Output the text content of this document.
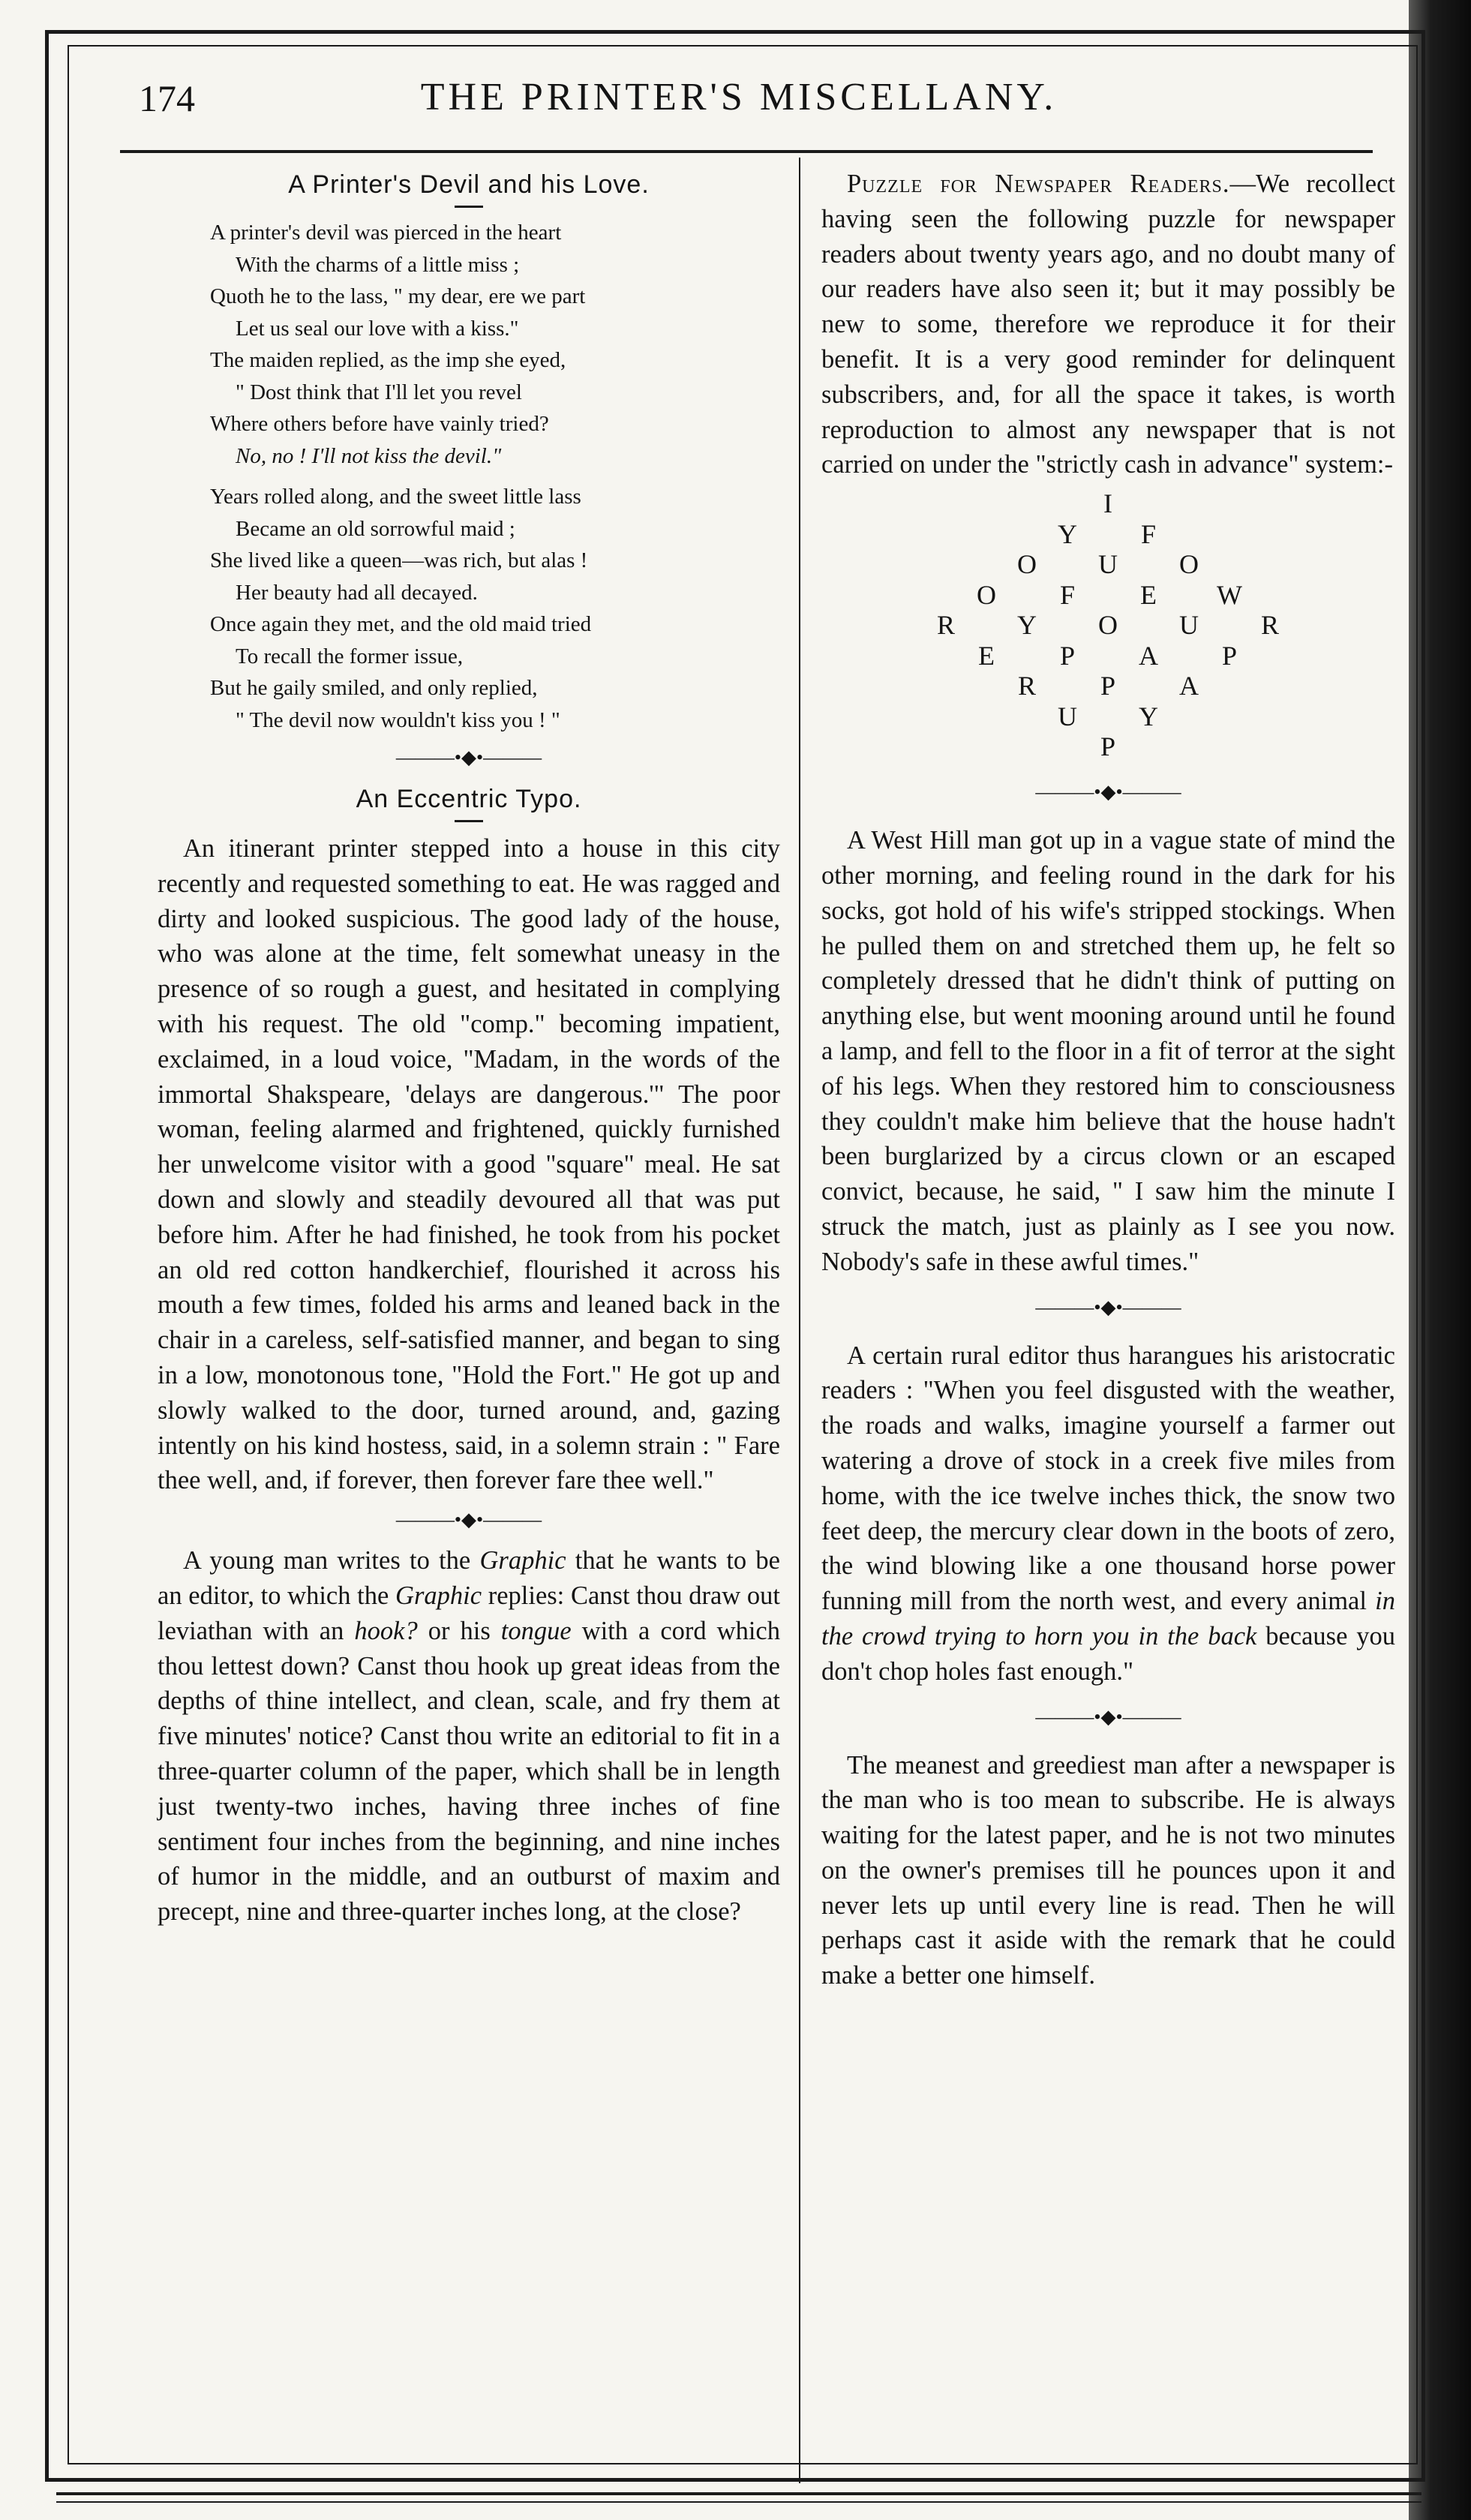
174	THE PRINTER'S MISCELLANY.
A Printer's Devil and his Love.
A printer's devil was pierced in the heart
With the charms of a little miss ;
Quoth he to the lass, " my dear, ere we part
Let us seal our love with a kiss."
The maiden replied, as the imp she eyed,
" Dost think that I'll let you revel
Where others before have vainly tried?
No, no ! I'll not kiss the devil."
Years rolled along, and the sweet little lass
Became an old sorrowful maid ;
She lived like a queen—was rich, but alas !
Her beauty had all decayed.
Once again they met, and the old maid tried
To recall the former issue,
But he gaily smiled, and only replied,
" The devil now wouldn't kiss you ! "
———•◆•———
An Eccentric Typo.

An itinerant printer stepped into a house in this city recently and requested something to eat. He was ragged and dirty and looked suspicious. The good lady of the house, who was alone at the time, felt somewhat uneasy in the presence of so rough a guest, and hesitated in complying with his request. The old "comp." becoming impatient, exclaimed, in a loud voice, "Madam, in the words of the immortal Shakspeare, 'delays are dangerous.'" The poor woman, feeling alarmed and frightened, quickly furnished her unwelcome visitor with a good "square" meal. He sat down and slowly and steadily devoured all that was put before him. After he had finished, he took from his pocket an old red cotton handkerchief, flourished it across his mouth a few times, folded his arms and leaned back in the chair in a careless, self-satisfied manner, and began to sing in a low, monotonous tone, "Hold the Fort." He got up and slowly walked to the door, turned around, and, gazing intently on his kind hostess, said, in a solemn strain : " Fare thee well, and, if forever, then forever fare thee well."

———•◆•———

A young man writes to the Graphic that he wants to be an editor, to which the Graphic replies: Canst thou draw out leviathan with an hook? or his tongue with a cord which thou lettest down? Canst thou hook up great ideas from the depths of thine intellect, and clean, scale, and fry them at five minutes' notice? Canst thou write an editorial to fit in a three-quarter column of the paper, which shall be in length just twenty-two inches, having three inches of fine sentiment four inches from the beginning, and nine inches of humor in the middle, and an outburst of maxim and precept, nine and three-quarter inches long, at the close?

Puzzle for Newspaper Readers.—We recollect having seen the following puzzle for newspaper readers about twenty years ago, and no doubt many of our readers have also seen it; but it may possibly be new to some, therefore we reproduce it for their benefit. It is a very good reminder for delinquent subscribers, and, for all the space it takes, is worth reproduction to almost any newspaper that is not carried on under the "strictly cash in advance" system:-

I
Y F
O U O
O F E W
R Y O U R
E P A P
R P A
U Y
P
———•◆•———

A West Hill man got up in a vague state of mind the other morning, and feeling round in the dark for his socks, got hold of his wife's stripped stockings. When he pulled them on and stretched them up, he felt so completely dressed that he didn't think of putting on anything else, but went mooning around until he found a lamp, and fell to the floor in a fit of terror at the sight of his legs. When they restored him to consciousness they couldn't make him believe that the house hadn't been burglarized by a circus clown or an escaped convict, because, he said, " I saw him the minute I struck the match, just as plainly as I see you now. Nobody's safe in these awful times."

———•◆•———

A certain rural editor thus harangues his aristocratic readers : "When you feel disgusted with the weather, the roads and walks, imagine yourself a farmer out watering a drove of stock in a creek five miles from home, with the ice twelve inches thick, the snow two feet deep, the mercury clear down in the boots of zero, the wind blowing like a one thousand horse power funning mill from the north west, and every animal in the crowd trying to horn you in the back because you don't chop holes fast enough."

———•◆•———

The meanest and greediest man after a newspaper is the man who is too mean to subscribe. He is always waiting for the latest paper, and he is not two minutes on the owner's premises till he pounces upon it and never lets up until every line is read. Then he will perhaps cast it aside with the remark that he could make a better one himself.
